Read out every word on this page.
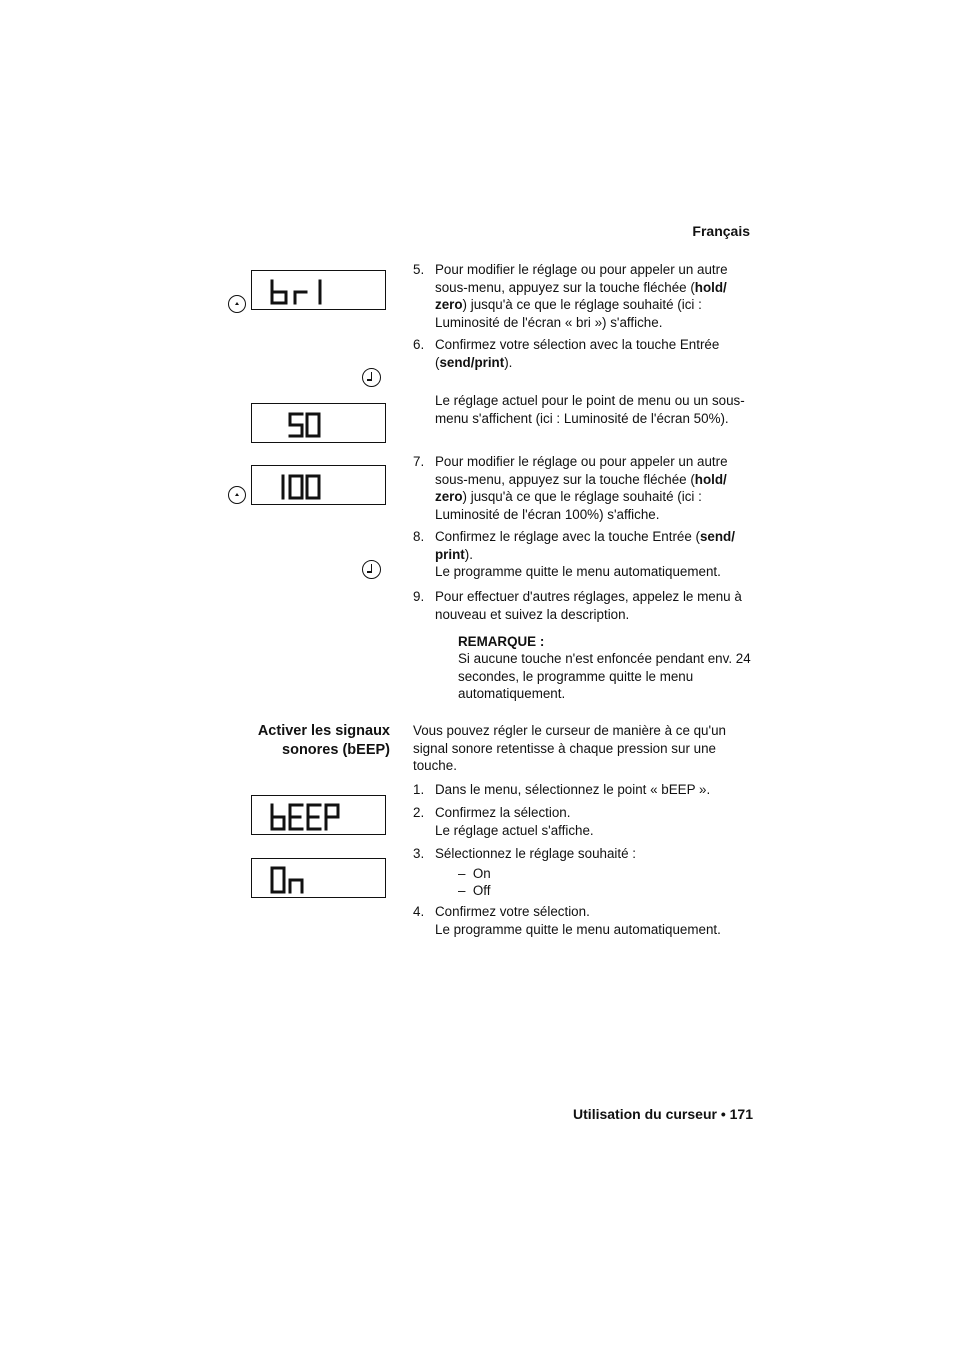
Français
5. Pour modifier le réglage ou pour appeler un autre sous-menu, appuyez sur la touche fléchée (hold/ zero) jusqu'à ce que le réglage souhaité (ici : Luminosité de l'écran « bri ») s'affiche.
6. Confirmez votre sélection avec la touche Entrée (send/print).
Le réglage actuel pour le point de menu ou un sous-menu s'affichent (ici : Luminosité de l'écran 50%).
7. Pour modifier le réglage ou pour appeler un autre sous-menu, appuyez sur la touche fléchée (hold/ zero) jusqu'à ce que le réglage souhaité (ici : Luminosité de l'écran 100%) s'affiche.
8. Confirmez le réglage avec la touche Entrée (send/ print).
Le programme quitte le menu automatiquement.
9. Pour effectuer d'autres réglages, appelez le menu à nouveau et suivez la description.
REMARQUE :
Si aucune touche n'est enfoncée pendant env. 24 secondes, le programme quitte le menu automatiquement.
Activer les signaux
sonores (bEEP)
Vous pouvez régler le curseur de manière à ce qu'un signal sonore retentisse à chaque pression sur une touche.
1. Dans le menu, sélectionnez le point « bEEP ».
2. Confirmez la sélection.
Le réglage actuel s'affiche.
3. Sélectionnez le réglage souhaité :
–  On
–  Off
4. Confirmez votre sélection.
Le programme quitte le menu automatiquement.
Utilisation du curseur • 171
